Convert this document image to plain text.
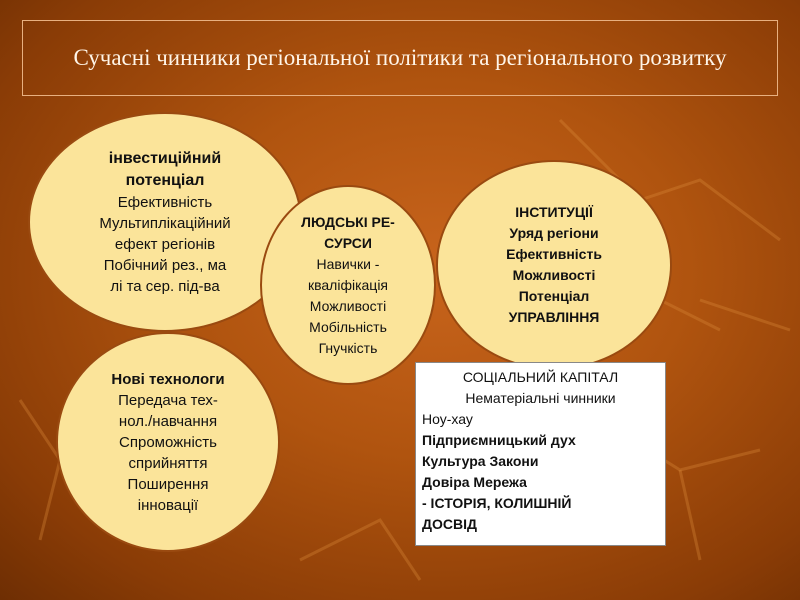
Сучасні чинники регіональної політики та регіонального розвитку
інвестиційний
потенціал
Ефективність
Мультиплікаційний
ефект регіонів
Побічний рез., ма
лі та сер. під-ва
ІНСТИТУЦІЇ
Уряд регіони
Ефективність
Можливості
Потенціал
УПРАВЛІННЯ
ЛЮДСЬКІ РЕ-
СУРСИ
Навички -
кваліфікація
Можливості
Мобільність
Гнучкість
Нові технологи
Передача тех-
нол./навчання
Спроможність
сприйняття
Поширення
інновації
СОЦІАЛЬНИЙ КАПІТАЛ
Нематеріальні чинники
Ноу-хау
Підприємницький дух
Культура Закони
Довіра Мережа
- ІСТОРІЯ, КОЛИШНІЙ
ДОСВІД
